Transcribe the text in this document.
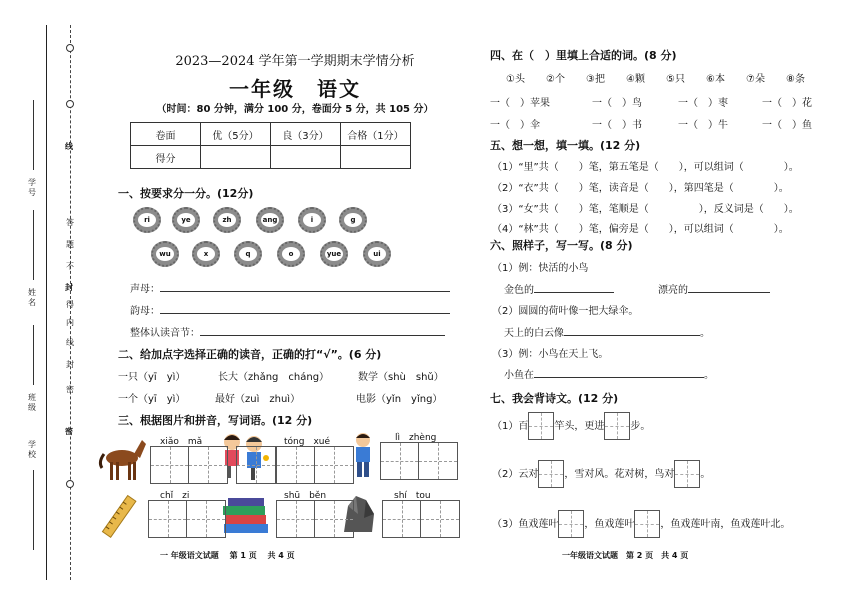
线
封
密
答
题
不
得
内
线
封
密
学号
姓名
班级
学校
2023—2024 学年第一学期期末学情分析
一年级　语文
（时间：80 分钟，满分 100 分，卷面分 5 分，共 105 分）
卷面	优（5分）	良（3分）	合格（1分）
得分			
一、按要求分一分。(12分)
ri	ye	zh	ang	i	g
wu	x	q	o	yue	ui
声母：
韵母：
整体认读音节：
二、给加点字选择正确的读音，正确的打“√”。(6 分)
一只（yī　yì）	长大（zhǎng　cháng）	数学（shù　shǔ）
一个（yī　yì）	最好（zuì　zhuì）	电影（yǐn　yǐng）
三、根据图片和拼音，写词语。(12 分)
xiǎo　mǎ	tóng　xué	lì　zhèng
chǐ　zi	shū　běn	shí　tou
一 年级语文试题　 第 1 页　 共 4 页
四、在（　）里填上合适的词。(8 分)
①头 ②个 ③把 ④颗 ⑤只 ⑥本 ⑦朵 ⑧条
一（　）苹果	一（　）鸟	一（　）枣	一（　）花
一（　）伞	一（　）书	一（　）牛	一（　）鱼
五、想一想，填一填。(12 分)
（1）“里”共（　　）笔，第五笔是（　　），可以组词（　　　　）。
（2）“衣”共（　　）笔，读音是（　　），第四笔是（　　　　）。
（3）“女”共（　　）笔，笔顺是（　　　　　），反义词是（　　）。
（4）“林”共（　　）笔，偏旁是（　　），可以组词（　　　　）。
六、照样子，写一写。(8 分)
（1）例：快活的小鸟
金色的	漂亮的
（2）圆圆的荷叶像一把大绿伞。
天上的白云像	。
（3）例：小鸟在天上飞。
小鱼在	。
七、我会背诗文。(12 分)
（1）百	竿头，更进	步。
（2）云对	，雪对风。花对树，鸟对	。
（3）鱼戏莲叶	，鱼戏莲叶	，鱼戏莲叶南，鱼戏莲叶北。
一年级语文试题　第 2 页　共 4 页
